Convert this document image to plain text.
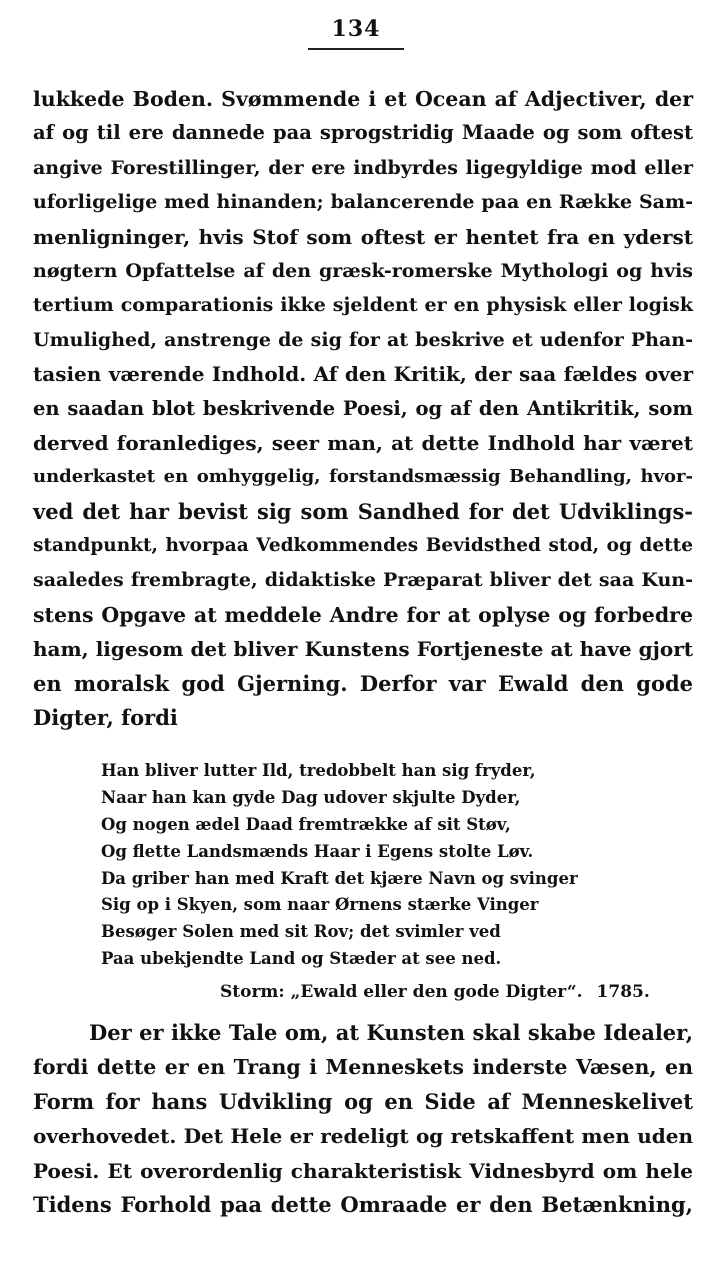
134
lukkede Boden. Svømmende i et Ocean af Adjectiver, der
af og til ere dannede paa sprogstridig Maade og som oftest
angive Forestillinger, der ere indbyrdes ligegyldige mod eller
uforligelige med hinanden; balancerende paa en Række Sam-
menligninger, hvis Stof som oftest er hentet fra en yderst
nøgtern Opfattelse af den græsk-romerske Mythologi og hvis
tertium comparationis ikke sjeldent er en physisk eller logisk
Umulighed, anstrenge de sig for at beskrive et udenfor Phan-
tasien værende Indhold. Af den Kritik, der saa fældes over
en saadan blot beskrivende Poesi, og af den Antikritik, som
derved foranlediges, seer man, at dette Indhold har været
underkastet en omhyggelig, forstandsmæssig Behandling, hvor-
ved det har bevist sig som Sandhed for det Udviklings-
standpunkt, hvorpaa Vedkommendes Bevidsthed stod, og dette
saaledes frembragte, didaktiske Præparat bliver det saa Kun-
stens Opgave at meddele Andre for at oplyse og forbedre
ham, ligesom det bliver Kunstens Fortjeneste at have gjort
en moralsk god Gjerning. Derfor var Ewald den gode
Digter, fordi
Han bliver lutter Ild, tredobbelt han sig fryder,
Naar han kan gyde Dag udover skjulte Dyder,
Og nogen ædel Daad fremtrække af sit Støv,
Og flette Landsmænds Haar i Egens stolte Løv.
Da griber han med Kraft det kjære Navn og svinger
Sig op i Skyen, som naar Ørnens stærke Vinger
Besøger Solen med sit Rov; det svimler ved
Paa ubekjendte Land og Stæder at see ned.
Storm: „Ewald eller den gode Digter“. 1785.
Der er ikke Tale om, at Kunsten skal skabe Idealer,
fordi dette er en Trang i Menneskets inderste Væsen, en
Form for hans Udvikling og en Side af Menneskelivet
overhovedet. Det Hele er redeligt og retskaffent men uden
Poesi. Et overordenlig charakteristisk Vidnesbyrd om hele
Tidens Forhold paa dette Omraade er den Betænkning,
